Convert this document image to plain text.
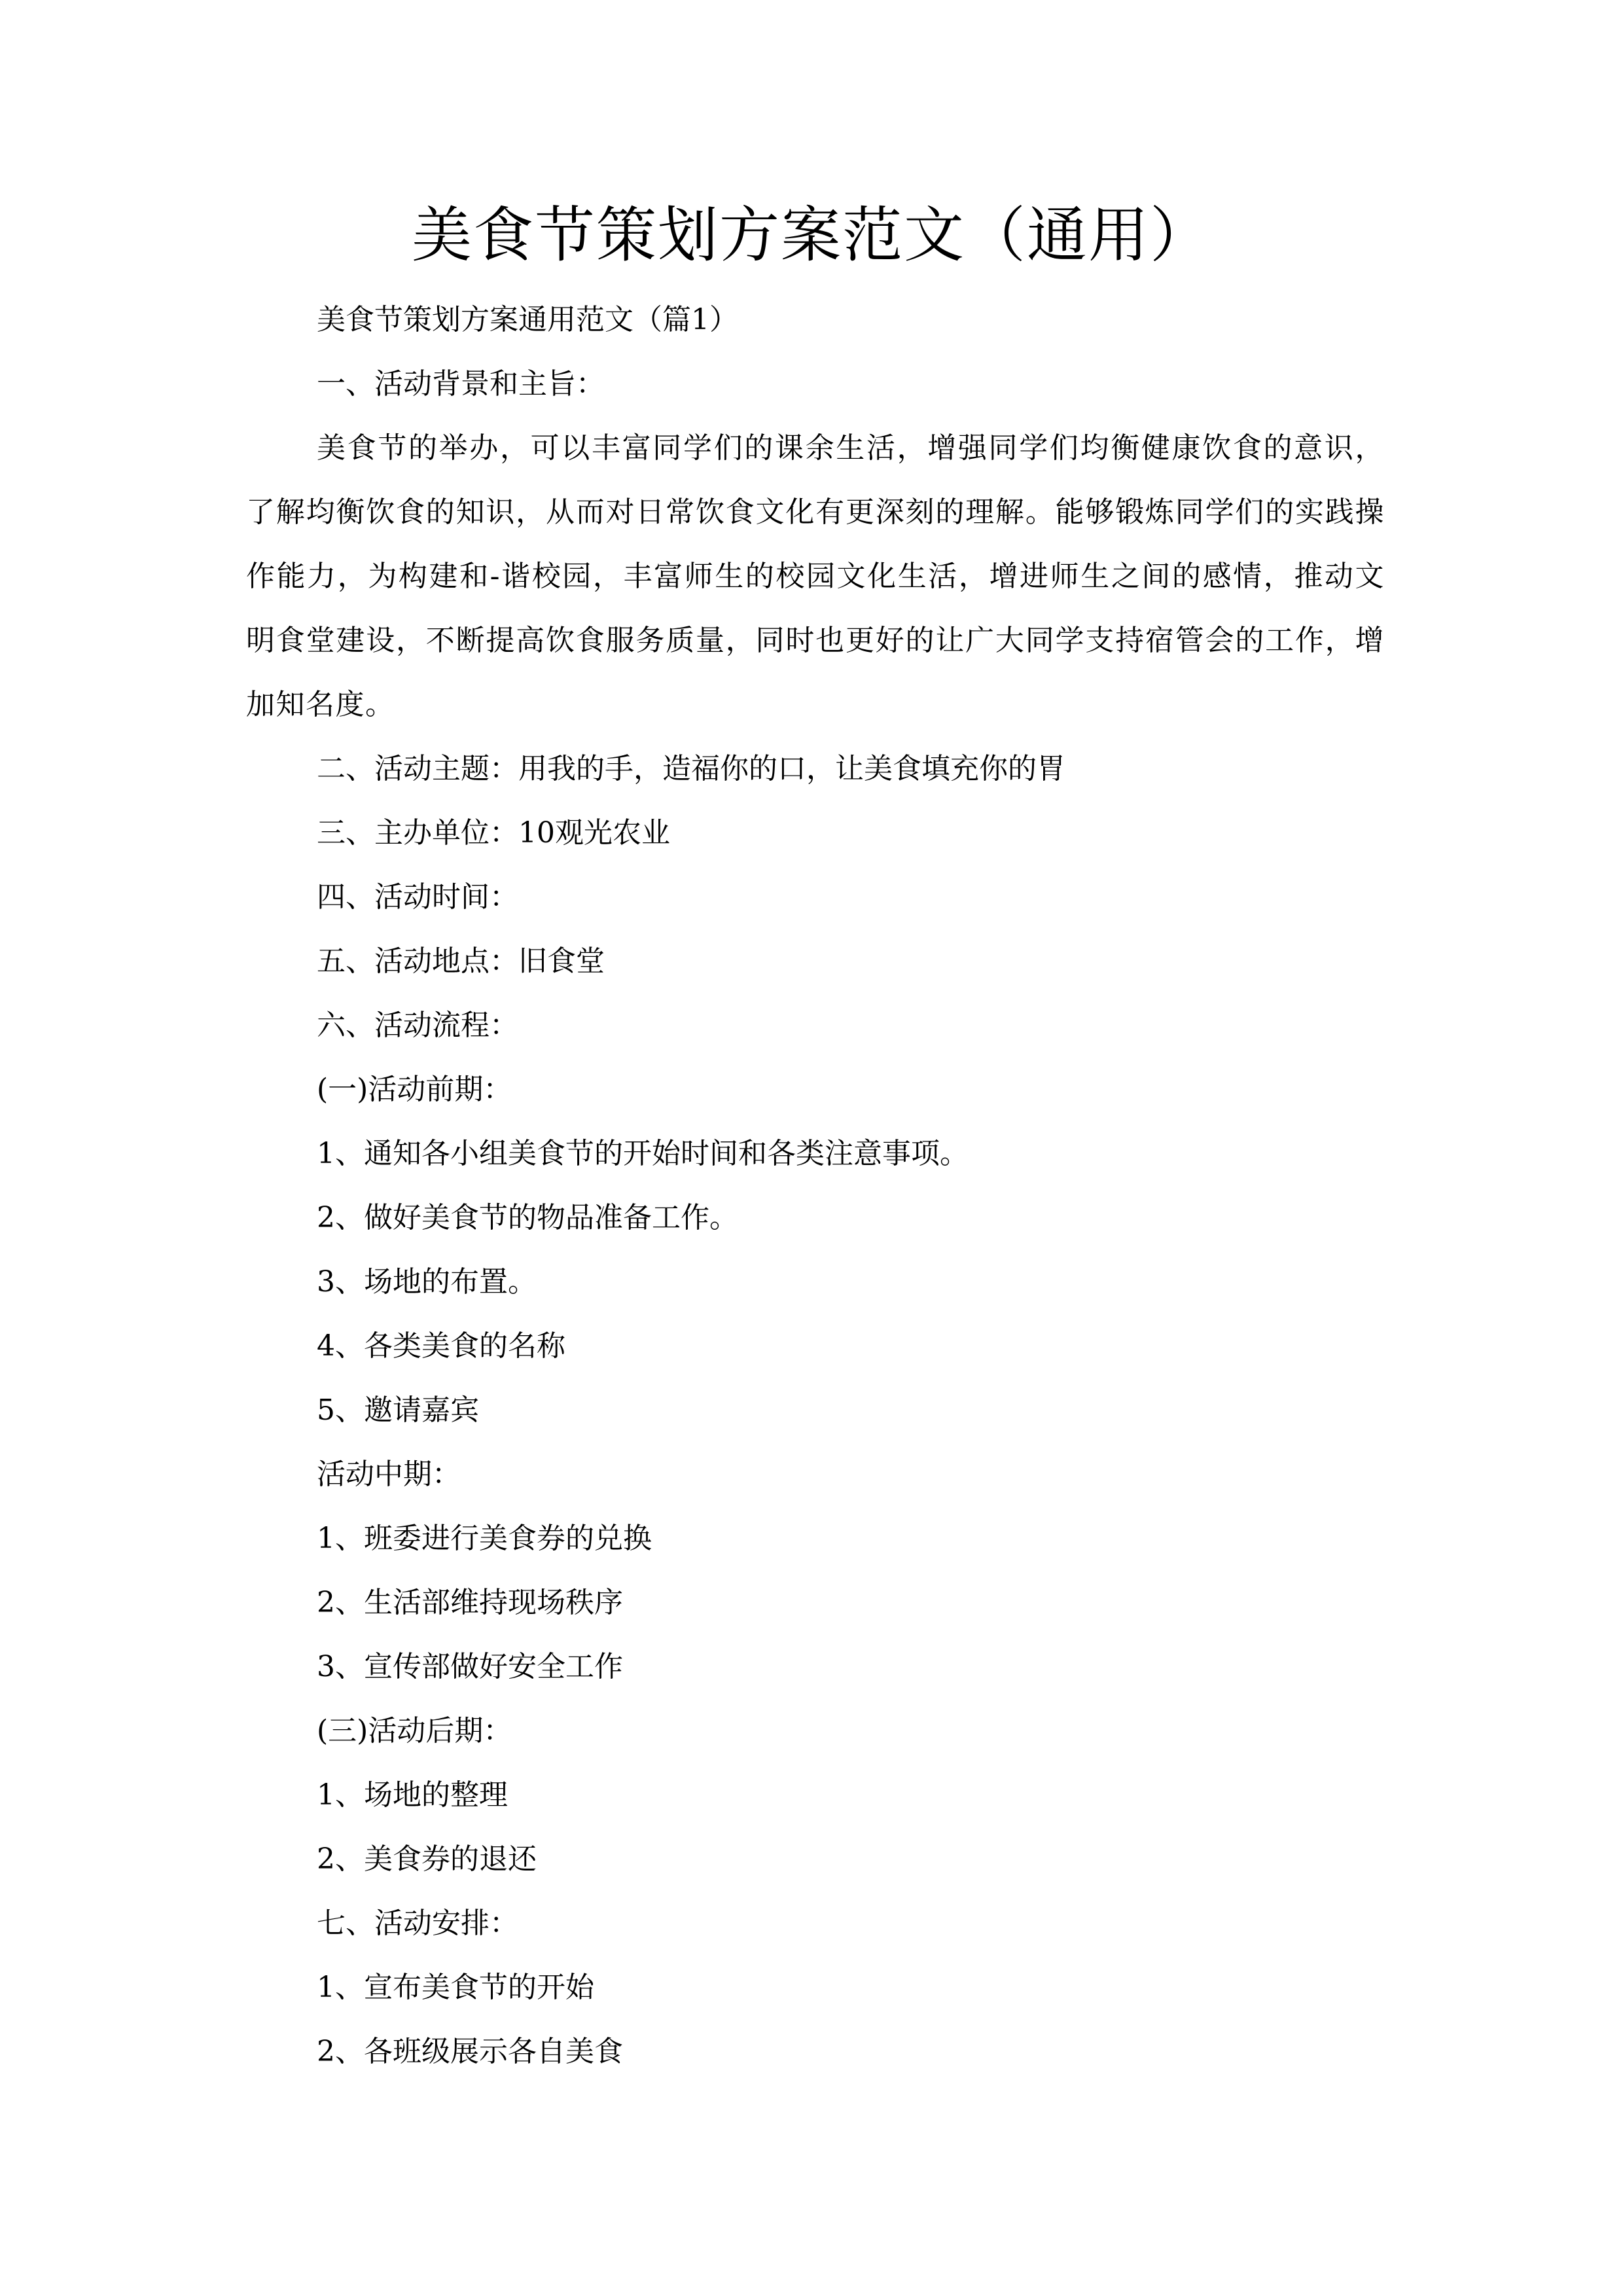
美食节策划方案范文（通用）
美食节策划方案通用范文（篇1）
一、活动背景和主旨：
美食节的举办，可以丰富同学们的课余生活，增强同学们均衡健康饮食的意识，了解均衡饮食的知识，从而对日常饮食文化有更深刻的理解。能够锻炼同学们的实践操作能力，为构建和-谐校园，丰富师生的校园文化生活，增进师生之间的感情，推动文明食堂建设，不断提高饮食服务质量，同时也更好的让广大同学支持宿管会的工作，增加知名度。
二、活动主题：用我的手，造福你的口，让美食填充你的胃
三、主办单位：10观光农业
四、活动时间：
五、活动地点：旧食堂
六、活动流程：
(一)活动前期：
1、通知各小组美食节的开始时间和各类注意事项。
2、做好美食节的物品准备工作。
3、场地的布置。
4、各类美食的名称
5、邀请嘉宾
活动中期：
1、班委进行美食券的兑换
2、生活部维持现场秩序
3、宣传部做好安全工作
(三)活动后期：
1、场地的整理
2、美食券的退还
七、活动安排：
1、宣布美食节的开始
2、各班级展示各自美食
